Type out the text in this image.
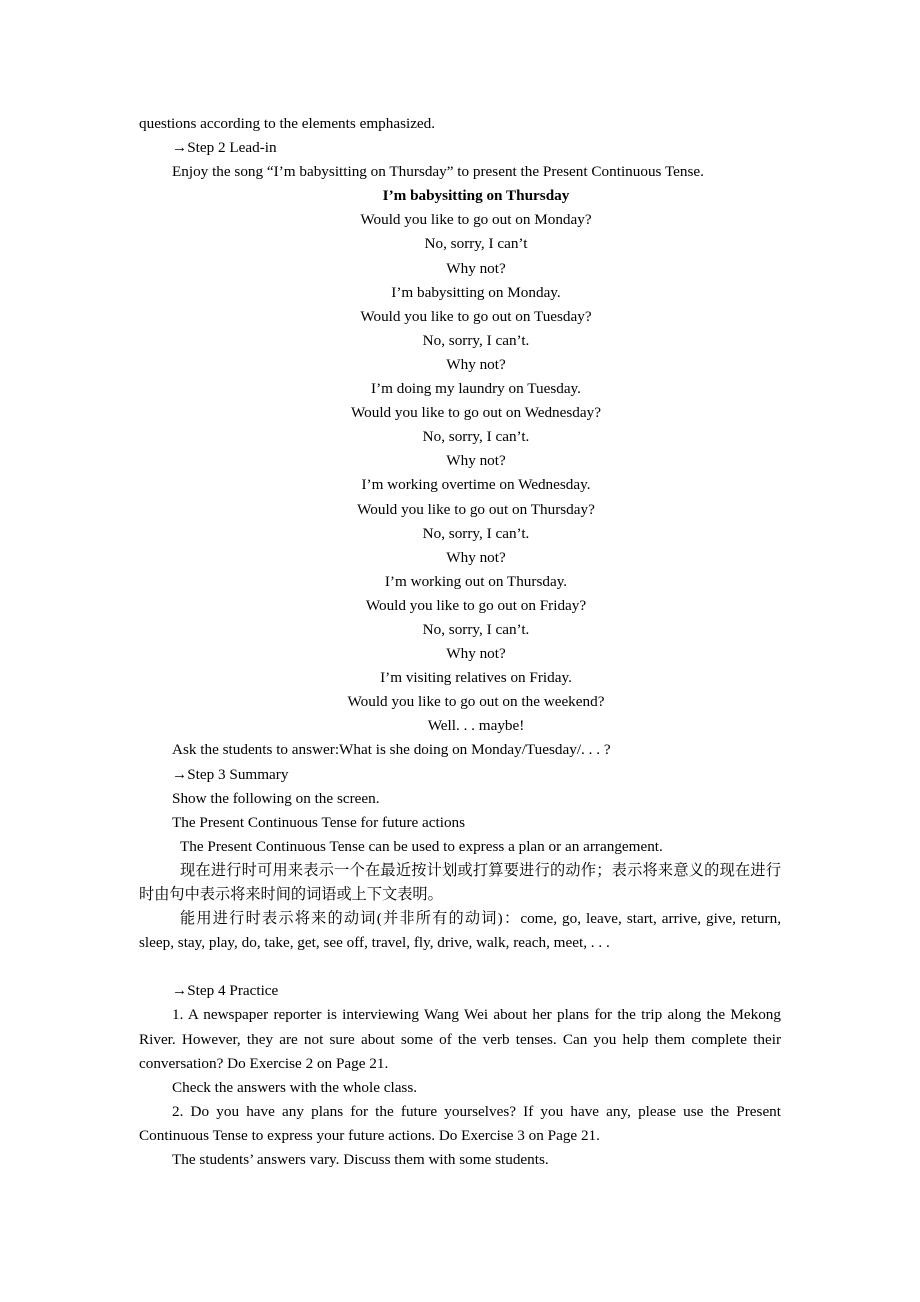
questions according to the elements emphasized.
→Step 2 Lead-in
Enjoy the song “I’m babysitting on Thursday” to present the Present Continuous Tense.
I’m babysitting on Thursday
Would you like to go out on Monday?
No, sorry, I can’t
Why not?
I’m babysitting on Monday.
Would you like to go out on Tuesday?
No, sorry, I can’t.
Why not?
I’m doing my laundry on Tuesday.
Would you like to go out on Wednesday?
No, sorry, I can’t.
Why not?
I’m working overtime on Wednesday.
Would you like to go out on Thursday?
No, sorry, I can’t.
Why not?
I’m working out on Thursday.
Would you like to go out on Friday?
No, sorry, I can’t.
Why not?
I’m visiting relatives on Friday.
Would you like to go out on the weekend?
Well. . . maybe!
Ask the students to answer:What is she doing on Monday/Tuesday/. . . ?
→Step 3 Summary
Show the following on the screen.
The Present Continuous Tense for future actions
The Present Continuous Tense can be used to express a plan or an arrangement.
现在进行时可用来表示一个在最近按计划或打算要进行的动作；表示将来意义的现在进行时由句中表示将来时间的词语或上下文表明。
能用进行时表示将来的动词(并非所有的动词)：come, go, leave, start, arrive, give, return, sleep, stay, play, do, take, get, see off, travel, fly, drive, walk, reach, meet, . . .
→Step 4 Practice
1. A newspaper reporter is interviewing Wang Wei about her plans for the trip along the Mekong River. However, they are not sure about some of the verb tenses. Can you help them complete their conversation? Do Exercise 2 on Page 21.
Check the answers with the whole class.
2. Do you have any plans for the future yourselves? If you have any, please use the Present Continuous Tense to express your future actions. Do Exercise 3 on Page 21.
The students’ answers vary. Discuss them with some students.
